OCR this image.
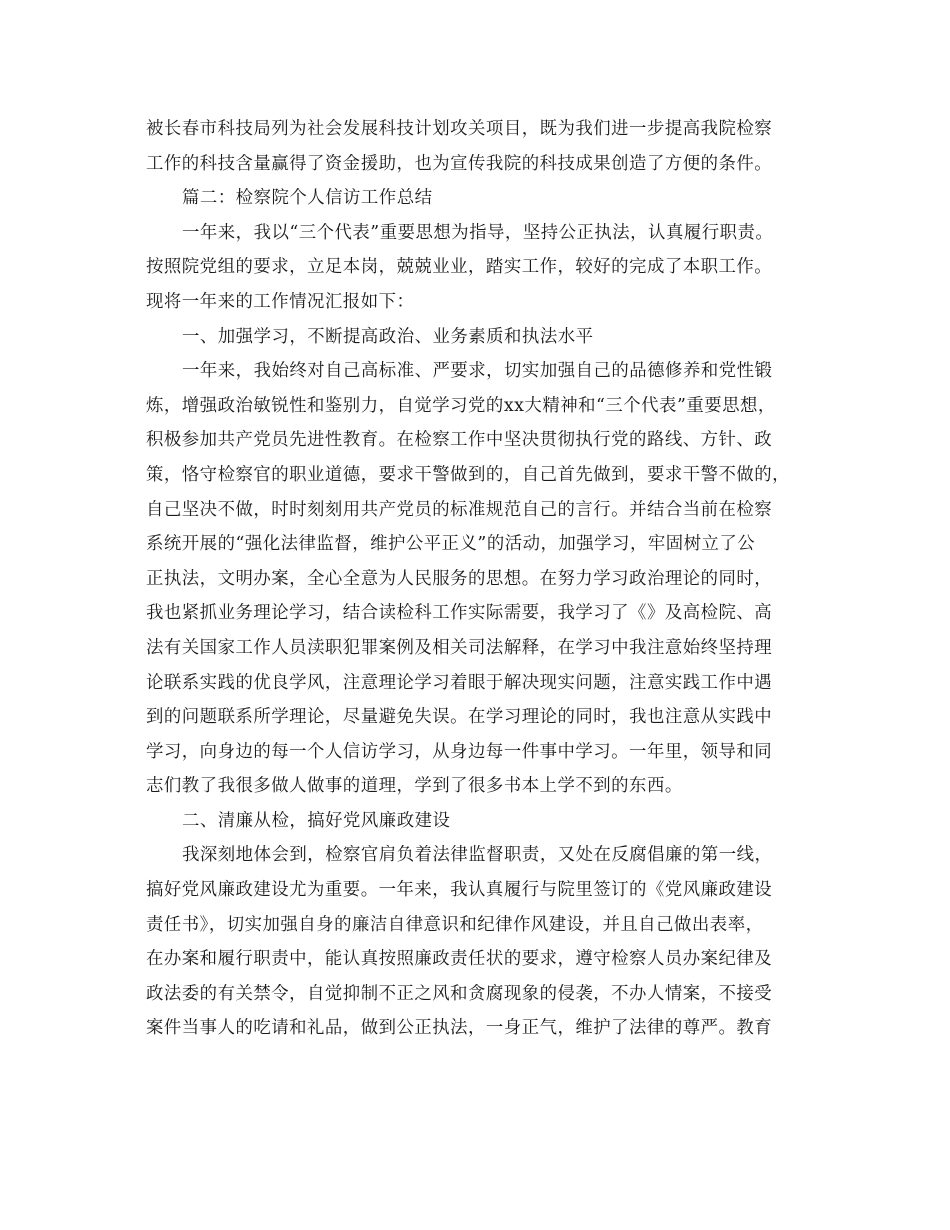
被长春市科技局列为社会发展科技计划攻关项目，既为我们进一步提高我院检察
工作的科技含量赢得了资金援助，也为宣传我院的科技成果创造了方便的条件。
篇二：检察院个人信访工作总结
一年来，我以“三个代表”重要思想为指导，坚持公正执法，认真履行职责。
按照院党组的要求，立足本岗，兢兢业业，踏实工作，较好的完成了本职工作。
现将一年来的工作情况汇报如下：
一、加强学习，不断提高政治、业务素质和执法水平
一年来，我始终对自己高标准、严要求，切实加强自己的品德修养和党性锻
炼，增强政治敏锐性和鉴别力，自觉学习党的xx大精神和“三个代表”重要思想，
积极参加共产党员先进性教育。在检察工作中坚决贯彻执行党的路线、方针、政
策，恪守检察官的职业道德，要求干警做到的，自己首先做到，要求干警不做的，
自己坚决不做，时时刻刻用共产党员的标准规范自己的言行。并结合当前在检察
系统开展的“强化法律监督，维护公平正义”的活动，加强学习，牢固树立了公
正执法，文明办案，全心全意为人民服务的思想。在努力学习政治理论的同时，
我也紧抓业务理论学习，结合读检科工作实际需要，我学习了《》及高检院、高
法有关国家工作人员渎职犯罪案例及相关司法解释，在学习中我注意始终坚持理
论联系实践的优良学风，注意理论学习着眼于解决现实问题，注意实践工作中遇
到的问题联系所学理论，尽量避免失误。在学习理论的同时，我也注意从实践中
学习，向身边的每一个人信访学习，从身边每一件事中学习。一年里，领导和同
志们教了我很多做人做事的道理，学到了很多书本上学不到的东西。
二、清廉从检，搞好党风廉政建设
我深刻地体会到，检察官肩负着法律监督职责，又处在反腐倡廉的第一线，
搞好党风廉政建设尤为重要。一年来，我认真履行与院里签订的《党风廉政建设
责任书》，切实加强自身的廉洁自律意识和纪律作风建设，并且自己做出表率，
在办案和履行职责中，能认真按照廉政责任状的要求，遵守检察人员办案纪律及
政法委的有关禁令，自觉抑制不正之风和贪腐现象的侵袭，不办人情案，不接受
案件当事人的吃请和礼品，做到公正执法，一身正气，维护了法律的尊严。教育
